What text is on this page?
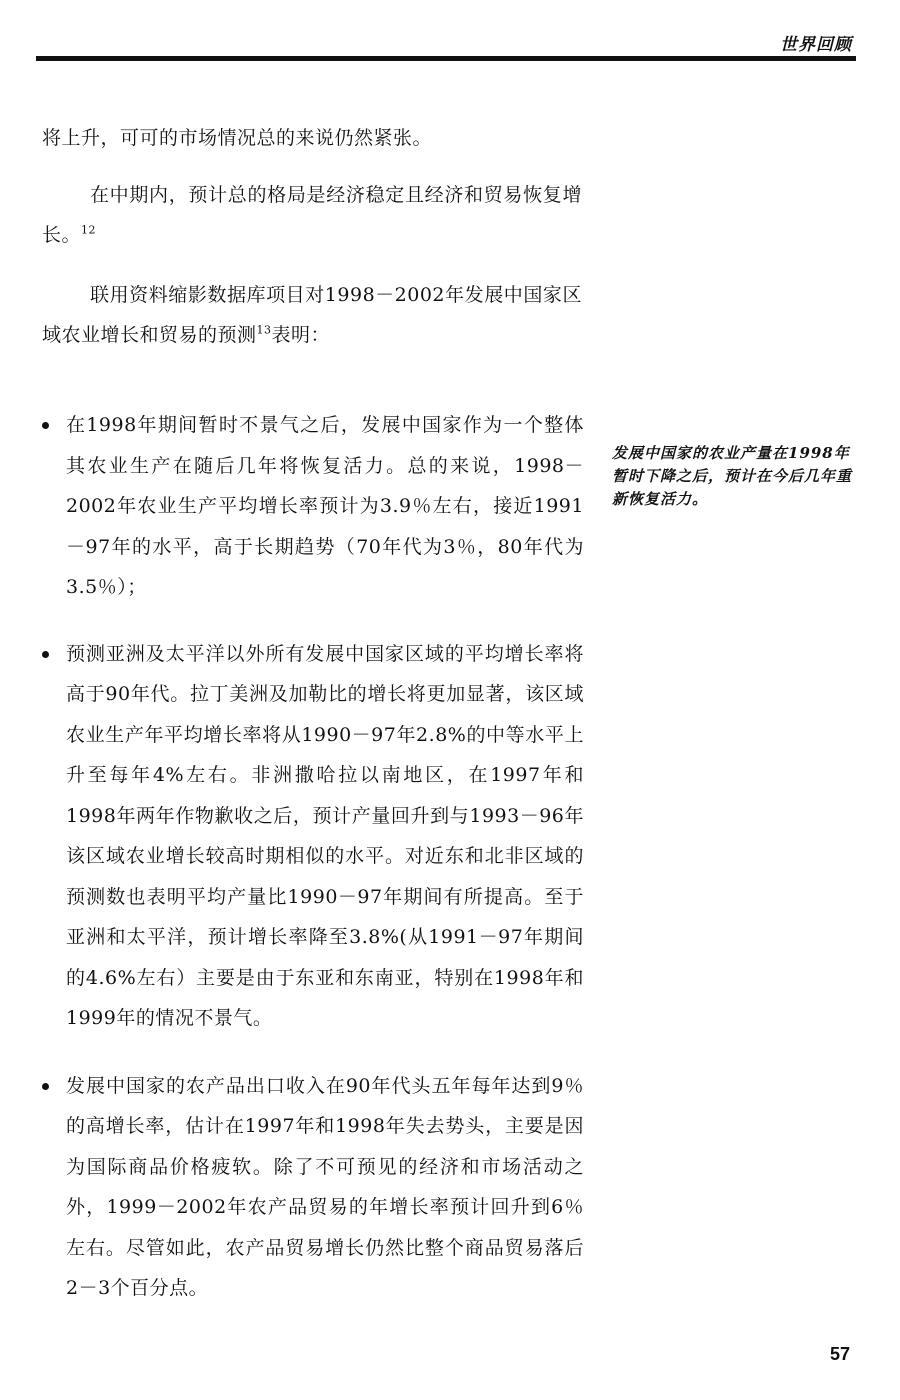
世界回顾

将上升，可可的市场情况总的来说仍然紧张。

在中期内，预计总的格局是经济稳定且经济和贸易恢复增长。$^{12}$

联用资料缩影数据库项目对1998－2002年发展中国家区域农业增长和贸易的预测$^{13}$表明：

在1998年期间暂时不景气之后，发展中国家作为一个整体其农业生产在随后几年将恢复活力。总的来说，1998－2002年农业生产平均增长率预计为3.9％左右，接近1991－97年的水平，高于长期趋势（70年代为3％，80年代为3.5％）；
预测亚洲及太平洋以外所有发展中国家区域的平均增长率将高于90年代。拉丁美洲及加勒比的增长将更加显著，该区域农业生产年平均增长率将从1990－97年2.8%的中等水平上升至每年4%左右。非洲撒哈拉以南地区，在1997年和1998年两年作物歉收之后，预计产量回升到与1993－96年该区域农业增长较高时期相似的水平。对近东和北非区域的预测数也表明平均产量比1990－97年期间有所提高。至于亚洲和太平洋，预计增长率降至3.8%(从1991－97年期间的4.6%左右）主要是由于东亚和东南亚，特别在1998年和1999年的情况不景气。
发展中国家的农产品出口收入在90年代头五年每年达到9％的高增长率，估计在1997年和1998年失去势头，主要是因为国际商品价格疲软。除了不可预见的经济和市场活动之外，1999－2002年农产品贸易的年增长率预计回升到6％左右。尽管如此，农产品贸易增长仍然比整个商品贸易落后2－3个百分点。
发展中国家的农业产量在1998年暂时下降之后，预计在今后几年重新恢复活力。
57
